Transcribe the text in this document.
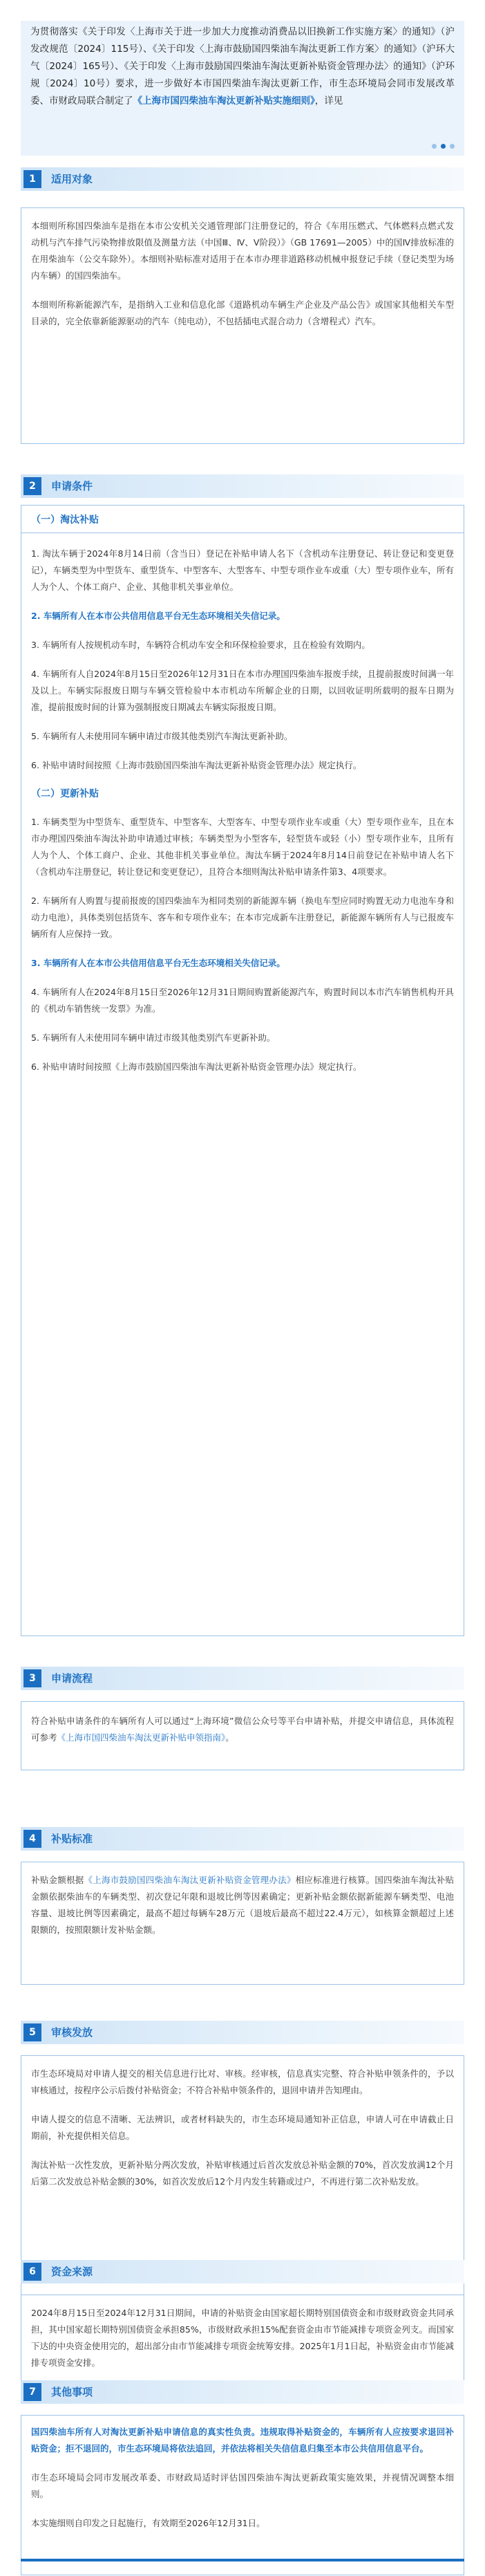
为贯彻落实《关于印发〈上海市关于进一步加大力度推动消费品以旧换新工作实施方案〉的通知》（沪发改规范〔2024〕115号）、《关于印发〈上海市鼓励国四柴油车淘汰更新工作方案〉的通知》（沪环大气〔2024〕165号）、《关于印发〈上海市鼓励国四柴油车淘汰更新补贴资金管理办法〉的通知》（沪环规〔2024〕10号）要求，进一步做好本市国四柴油车淘汰更新工作，市生态环境局会同市发展改革委、市财政局联合制定了《上海市国四柴油车淘汰更新补贴实施细则》，详见

1	适用对象

本细则所称国四柴油车是指在本市公安机关交通管理部门注册登记的，符合《车用压燃式、气体燃料点燃式发动机与汽车排气污染物排放限值及测量方法（中国Ⅲ、Ⅳ、Ⅴ阶段）》（GB 17691—2005）中的国Ⅳ排放标准的在用柴油车（公交车除外）。本细则补贴标准对适用于在本市办理非道路移动机械申报登记手续（登记类型为场内车辆）的国四柴油车。

本细则所称新能源汽车，是指纳入工业和信息化部《道路机动车辆生产企业及产品公告》或国家其他相关车型目录的，完全依靠新能源驱动的汽车（纯电动），不包括插电式混合动力（含增程式）汽车。

2	申请条件
（一）淘汰补贴

1. 淘汰车辆于2024年8月14日前（含当日）登记在补贴申请人名下（含机动车注册登记、转让登记和变更登记），车辆类型为中型货车、重型货车、中型客车、大型客车、中型专项作业车或重（大）型专项作业车，所有人为个人、个体工商户、企业、其他非机关事业单位。

2. 车辆所有人在本市公共信用信息平台无生态环境相关失信记录。

3. 车辆所有人按规机动车时，车辆符合机动车安全和环保检验要求，且在检验有效期内。

4. 车辆所有人自2024年8月15日至2026年12月31日在本市办理国四柴油车报废手续，且提前报废时间满一年及以上。车辆实际报废日期与车辆交管检验中本市机动车所解企业的日期，以回收证明所载明的报车日期为准，提前报废时间的计算为强制报废日期减去车辆实际报废日期。

5. 车辆所有人未使用同车辆申请过市级其他类别汽车淘汰更新补助。

6. 补贴申请时间按照《上海市鼓励国四柴油车淘汰更新补贴资金管理办法》规定执行。

（二）更新补贴

1. 车辆类型为中型货车、重型货车、中型客车、大型客车、中型专项作业车或重（大）型专项作业车，且在本市办理国四柴油车淘汰补助申请通过审核；车辆类型为小型客车，轻型货车或轻（小）型专项作业车，且所有人为个人、个体工商户、企业、其他非机关事业单位。淘汰车辆于2024年8月14日前登记在补贴申请人名下（含机动车注册登记，转让登记和变更登记），且符合本细则淘汰补贴申请条件第3、4项要求。

2. 车辆所有人购置与提前报废的国四柴油车为相同类别的新能源车辆（换电车型应同时购置无动力电池车身和动力电池），具体类别包括货车、客车和专项作业车；在本市完成新车注册登记，新能源车辆所有人与已报废车辆所有人应保持一致。

3. 车辆所有人在本市公共信用信息平台无生态环境相关失信记录。

4. 车辆所有人在2024年8月15日至2026年12月31日期间购置新能源汽车，购置时间以本市汽车销售机构开具的《机动车销售统一发票》为准。

5. 车辆所有人未使用同车辆申请过市级其他类别汽车更新补助。

6. 补贴申请时间按照《上海市鼓励国四柴油车淘汰更新补贴资金管理办法》规定执行。

3	申请流程

符合补贴申请条件的车辆所有人可以通过“上海环境”微信公众号等平台申请补贴，并提交申请信息，具体流程可参考《上海市国四柴油车淘汰更新补贴申领指南》。

4	补贴标准

补贴金额根据《上海市鼓励国四柴油车淘汰更新补贴资金管理办法》相应标准进行核算。国四柴油车淘汰补贴金额依据柴油车的车辆类型、初次登记年限和退坡比例等因素确定；更新补贴金额依据新能源车辆类型、电池容量、退坡比例等因素确定，最高不超过每辆车28万元（退坡后最高不超过22.4万元），如核算金额超过上述限额的，按照限额计发补贴金额。

5	审核发放

市生态环境局对申请人提交的相关信息进行比对、审核。经审核，信息真实完整、符合补贴申领条件的，予以审核通过，按程序公示后拨付补贴资金；不符合补贴申领条件的，退回申请并告知理由。

申请人提交的信息不清晰、无法辨识，或者材料缺失的，市生态环境局通知补正信息，申请人可在申请截止日期前，补充提供相关信息。

淘汰补贴一次性发放，更新补贴分两次发放，补贴审核通过后首次发放总补贴金额的70%，首次发放满12个月后第二次发放总补贴金额的30%，如首次发放后12个月内发生转籍或过户，不再进行第二次补贴发放。

6	资金来源

2024年8月15日至2024年12月31日期间，申请的补贴资金由国家超长期特别国债资金和市级财政资金共同承担，其中国家超长期特别国债资金承担85%，市级财政承担15%配套资金由市节能减排专项资金列支。而国家下达的中央资金使用完的，超出部分由市节能减排专项资金统筹安排。2025年1月1日起，补贴资金由市节能减排专项资金安排。

7	其他事项

国四柴油车所有人对淘汰更新补贴申请信息的真实性负责。违规取得补贴资金的，车辆所有人应按要求退回补贴资金；拒不退回的，市生态环境局将依法追回，并依法将相关失信信息归集至本市公共信用信息平台。

市生态环境局会同市发展改革委、市财政局适时评估国四柴油车淘汰更新政策实施效果，并视情况调整本细则。

本实施细则自印发之日起施行，有效期至2026年12月31日。
